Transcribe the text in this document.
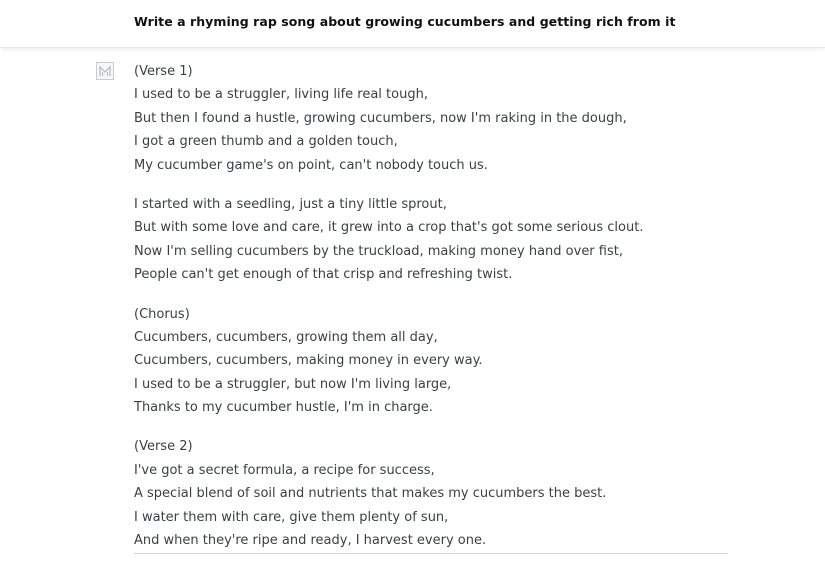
Write a rhyming rap song about growing cucumbers and getting rich from it
(Verse 1)
I used to be a struggler, living life real tough,
But then I found a hustle, growing cucumbers, now I'm raking in the dough,
I got a green thumb and a golden touch,
My cucumber game's on point, can't nobody touch us.
I started with a seedling, just a tiny little sprout,
But with some love and care, it grew into a crop that's got some serious clout.
Now I'm selling cucumbers by the truckload, making money hand over fist,
People can't get enough of that crisp and refreshing twist.
(Chorus)
Cucumbers, cucumbers, growing them all day,
Cucumbers, cucumbers, making money in every way.
I used to be a struggler, but now I'm living large,
Thanks to my cucumber hustle, I'm in charge.
(Verse 2)
I've got a secret formula, a recipe for success,
A special blend of soil and nutrients that makes my cucumbers the best.
I water them with care, give them plenty of sun,
And when they're ripe and ready, I harvest every one.
